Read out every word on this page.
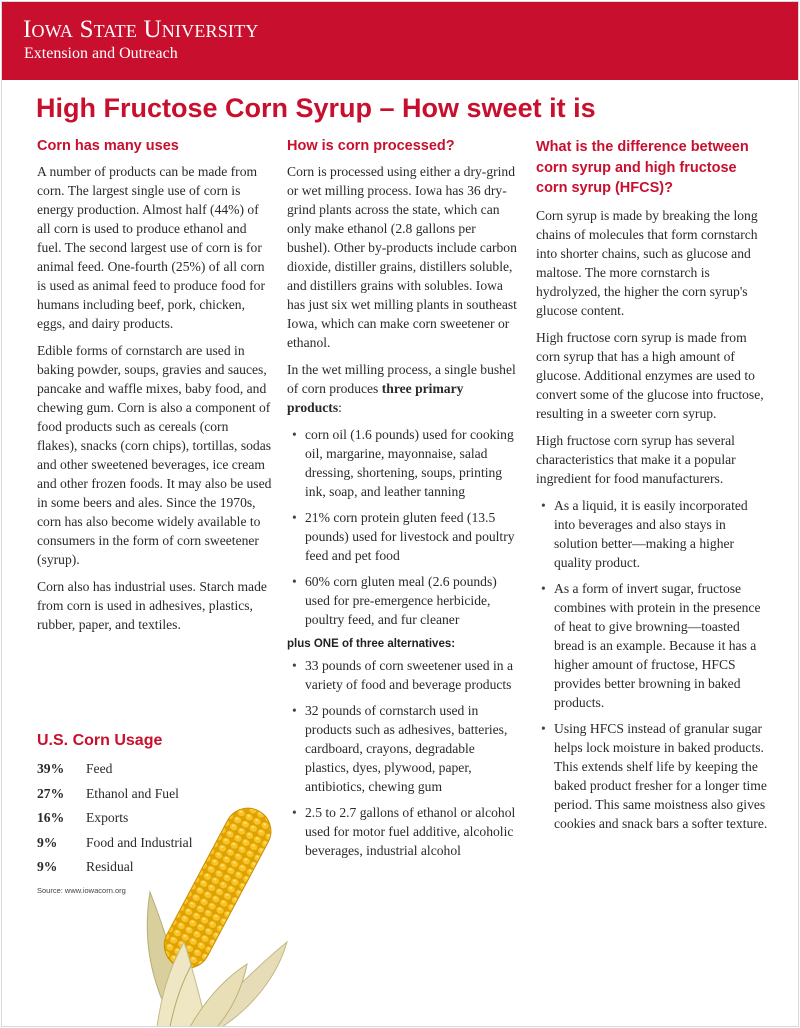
Iowa State University
Extension and Outreach
High Fructose Corn Syrup – How sweet it is
Corn has many uses

A number of products can be made from corn. The largest single use of corn is energy production. Almost half (44%) of all corn is used to produce ethanol and fuel. The second largest use of corn is for animal feed. One-fourth (25%) of all corn is used as animal feed to produce food for humans including beef, pork, chicken, eggs, and dairy products.

Edible forms of cornstarch are used in baking powder, soups, gravies and sauces, pancake and waffle mixes, baby food, and chewing gum. Corn is also a component of food products such as cereals (corn flakes), snacks (corn chips), tortillas, sodas and other sweetened beverages, ice cream and other frozen foods. It may also be used in some beers and ales. Since the 1970s, corn has also become widely available to consumers in the form of corn sweetener (syrup).

Corn also has industrial uses. Starch made from corn is used in adhesives, plastics, rubber, paper, and textiles.

U.S. Corn Usage
39% Feed
27% Ethanol and Fuel
16% Exports
9% Food and Industrial
9% Residual
Source: www.iowacorn.org
How is corn processed?

Corn is processed using either a dry-grind or wet milling process. Iowa has 36 dry-grind plants across the state, which can only make ethanol (2.8 gallons per bushel). Other by-products include carbon dioxide, distiller grains, distillers soluble, and distillers grains with solubles. Iowa has just six wet milling plants in southeast Iowa, which can make corn sweetener or ethanol.

In the wet milling process, a single bushel of corn produces three primary products:

• corn oil (1.6 pounds) used for cooking oil, margarine, mayonnaise, salad dressing, shortening, soups, printing ink, soap, and leather tanning
• 21% corn protein gluten feed (13.5 pounds) used for livestock and poultry feed and pet food
• 60% corn gluten meal (2.6 pounds) used for pre-emergence herbicide, poultry feed, and fur cleaner
plus ONE of three alternatives:
• 33 pounds of corn sweetener used in a variety of food and beverage products
• 32 pounds of cornstarch used in products such as adhesives, batteries, cardboard, crayons, degradable plastics, dyes, plywood, paper, antibiotics, chewing gum
• 2.5 to 2.7 gallons of ethanol or alcohol used for motor fuel additive, alcoholic beverages, industrial alcohol
What is the difference between corn syrup and high fructose corn syrup (HFCS)?

Corn syrup is made by breaking the long chains of molecules that form cornstarch into shorter chains, such as glucose and maltose. The more cornstarch is hydrolyzed, the higher the corn syrup's glucose content.

High fructose corn syrup is made from corn syrup that has a high amount of glucose. Additional enzymes are used to convert some of the glucose into fructose, resulting in a sweeter corn syrup.

High fructose corn syrup has several characteristics that make it a popular ingredient for food manufacturers.

• As a liquid, it is easily incorporated into beverages and also stays in solution better—making a higher quality product.
• As a form of invert sugar, fructose combines with protein in the presence of heat to give browning—toasted bread is an example. Because it has a higher amount of fructose, HFCS provides better browning in baked products.
• Using HFCS instead of granular sugar helps lock moisture in baked products. This extends shelf life by keeping the baked product fresher for a longer time period. This same moistness also gives cookies and snack bars a softer texture.
